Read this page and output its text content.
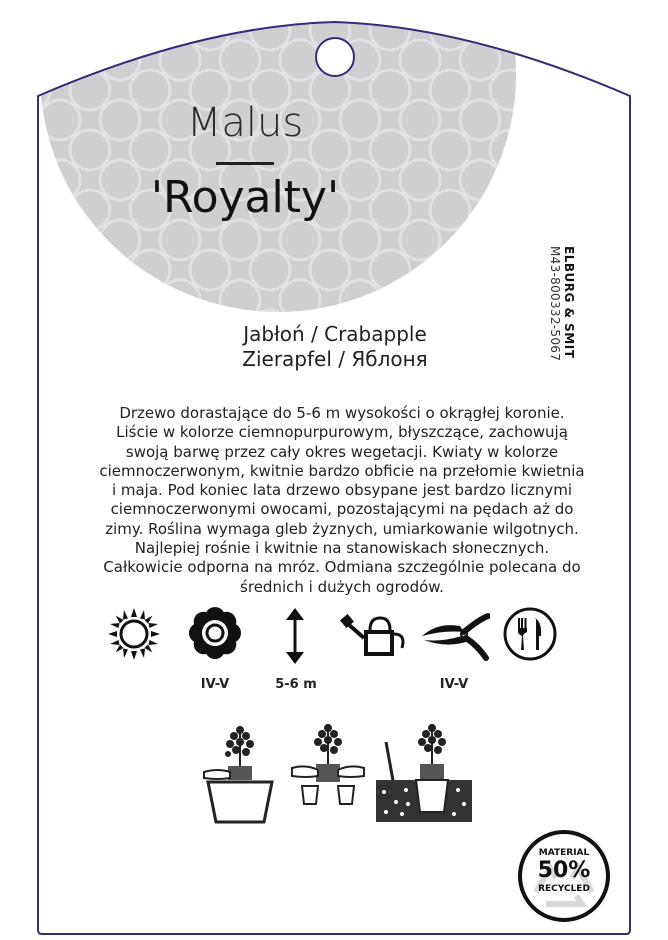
Malus
'Royalty'
ELBURG & SMIT
M43-800332-5067
Jabłoń / Crabapple
Zierapfel / Яблоня
Drzewo dorastające do 5-6 m wysokości o okrągłej koronie.
Liście w kolorze ciemnopurpurowym, błyszczące, zachowują
swoją barwę przez cały okres wegetacji. Kwiaty w kolorze
ciemnoczerwonym, kwitnie bardzo obficie na przełomie kwietnia
i maja. Pod koniec lata drzewo obsypane jest bardzo licznymi
ciemnoczerwonymi owocami, pozostającymi na pędach aż do
zimy. Roślina wymaga gleb żyznych, umiarkowanie wilgotnych.
Najlepiej rośnie i kwitnie na stanowiskach słonecznych.
Całkowicie odporna na mróz. Odmiana szczególnie polecana do
średnich i dużych ogrodów.
IV-V	5-6 m	IV-V
MATERIAL
50%
RECYCLED
